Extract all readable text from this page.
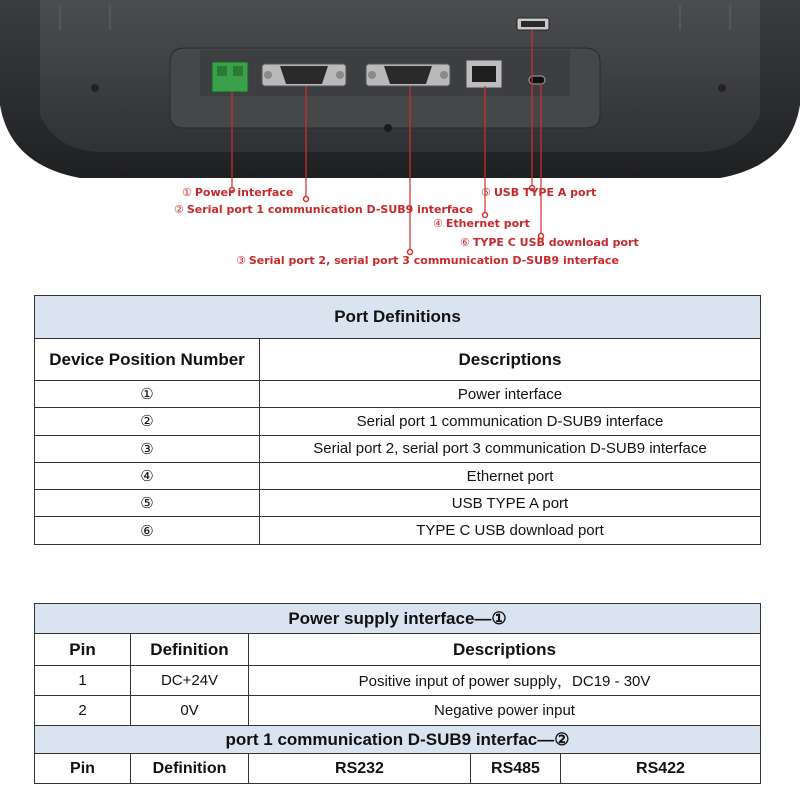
① Power interface
② Serial port 1 communication D-SUB9 interface
③ Serial port 2, serial port 3 communication D-SUB9 interface
④ Ethernet port
⑤ USB TYPE A port
⑥ TYPE C USB download port
Port Definitions	
Device Position Number	Descriptions
①	Power interface
②	Serial port 1 communication D-SUB9 interface
③	Serial port 2, serial port 3 communication D-SUB9 interface
④	Ethernet port
⑤	USB TYPE A port
⑥	TYPE C USB download port
Power supply interface—①				
Pin	Definition	Descriptions		
1	DC+24V	Positive input of power supply，DC19 - 30V		
2	0V	Negative power input		
port 1 communication D-SUB9 interfac—②				
Pin	Definition	RS232	RS485	RS422
